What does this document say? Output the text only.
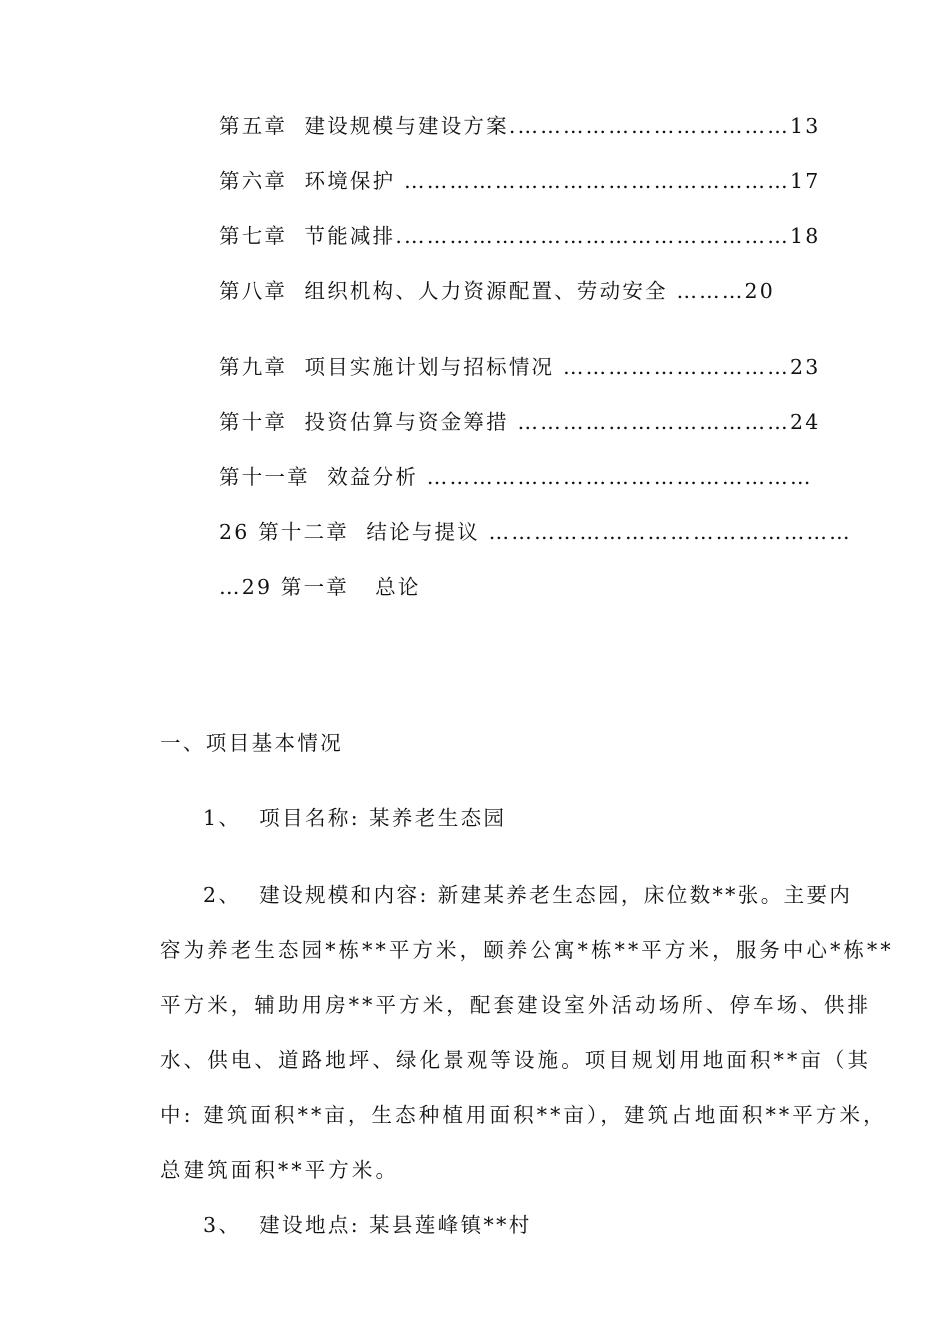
第五章  建设规模与建设方案.………………………………13
第六章  环境保护 ……………………………………………17
第七章  节能减排.……………………………………………18
第八章  组织机构、人力资源配置、劳动安全 ………20
第九章  项目实施计划与招标情况 …………………………23
第十章  投资估算与资金筹措 ………………………………24
第十一章  效益分析 ……………………………………………
26 第十二章  结论与提议 …………………………………………
…29 第一章   总论
一、项目基本情况
1、  项目名称: 某养老生态园
2、  建设规模和内容: 新建某养老生态园，床位数**张。主要内
容为养老生态园*栋**平方米，颐养公寓*栋**平方米，服务中心*栋**
平方米，辅助用房**平方米，配套建设室外活动场所、停车场、供排
水、供电、道路地坪、绿化景观等设施。项目规划用地面积**亩（其
中: 建筑面积**亩，生态种植用面积**亩），建筑占地面积**平方米，
总建筑面积**平方米。
3、  建设地点: 某县莲峰镇**村
